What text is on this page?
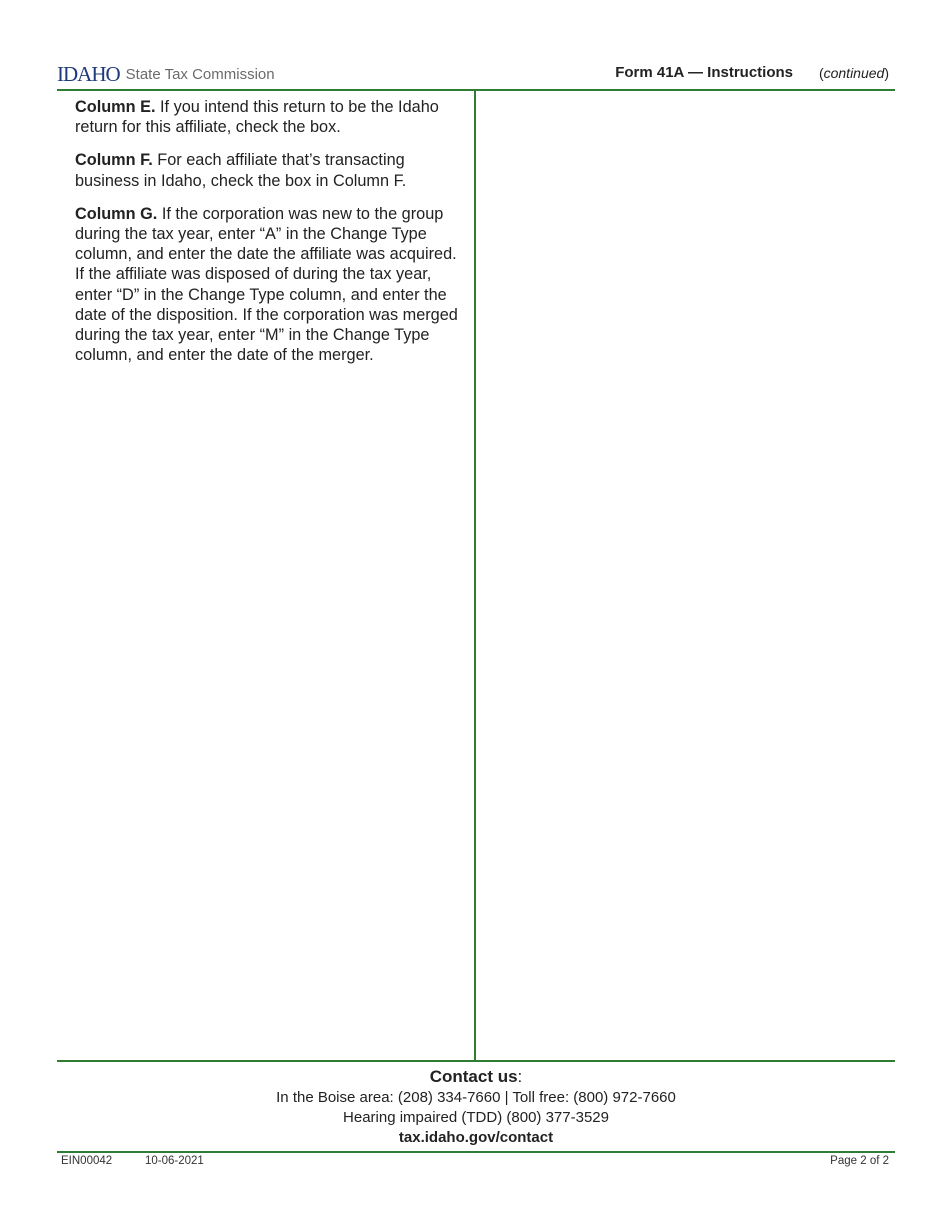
IDAHO State Tax Commission	Form 41A — Instructions (continued)

Column E. If you intend this return to be the Idaho return for this affiliate, check the box.

Column F. For each affiliate that’s transacting business in Idaho, check the box in Column F.

Column G. If the corporation was new to the group during the tax year, enter “A” in the Change Type column, and enter the date the affiliate was acquired. If the affiliate was disposed of during the tax year, enter “D” in the Change Type column, and enter the date of the disposition. If the corporation was merged during the tax year, enter “M” in the Change Type column, and enter the date of the merger.

Contact us:
In the Boise area: (208) 334-7660 | Toll free: (800) 972-7660
Hearing impaired (TDD) (800) 377-3529
tax.idaho.gov/contact
EIN00042	10-06-2021	Page 2 of 2
